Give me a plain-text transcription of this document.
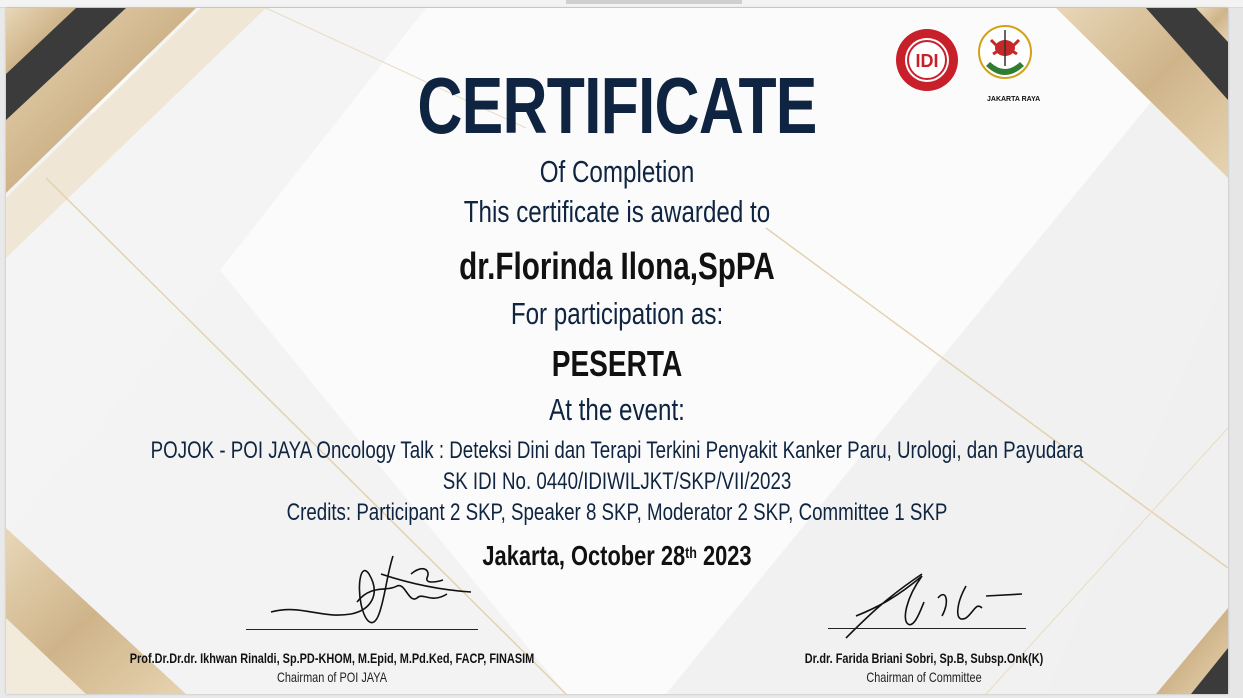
IDI
JAKARTA RAYA
CERTIFICATE
Of Completion
This certificate is awarded to
dr.Florinda Ilona,SpPA
For participation as:
PESERTA
At the event:
POJOK - POI JAYA Oncology Talk : Deteksi Dini dan Terapi Terkini Penyakit Kanker Paru, Urologi, dan Payudara
SK IDI No. 0440/IDIWILJKT/SKP/VII/2023
Credits: Participant 2 SKP, Speaker 8 SKP, Moderator 2 SKP, Committee 1 SKP
Jakarta, October 28th 2023
Prof.Dr.Dr.dr. Ikhwan Rinaldi, Sp.PD-KHOM, M.Epid, M.Pd.Ked, FACP, FINASIM
Chairman of POI JAYA
Dr.dr. Farida Briani Sobri, Sp.B, Subsp.Onk(K)
Chairman of Committee
